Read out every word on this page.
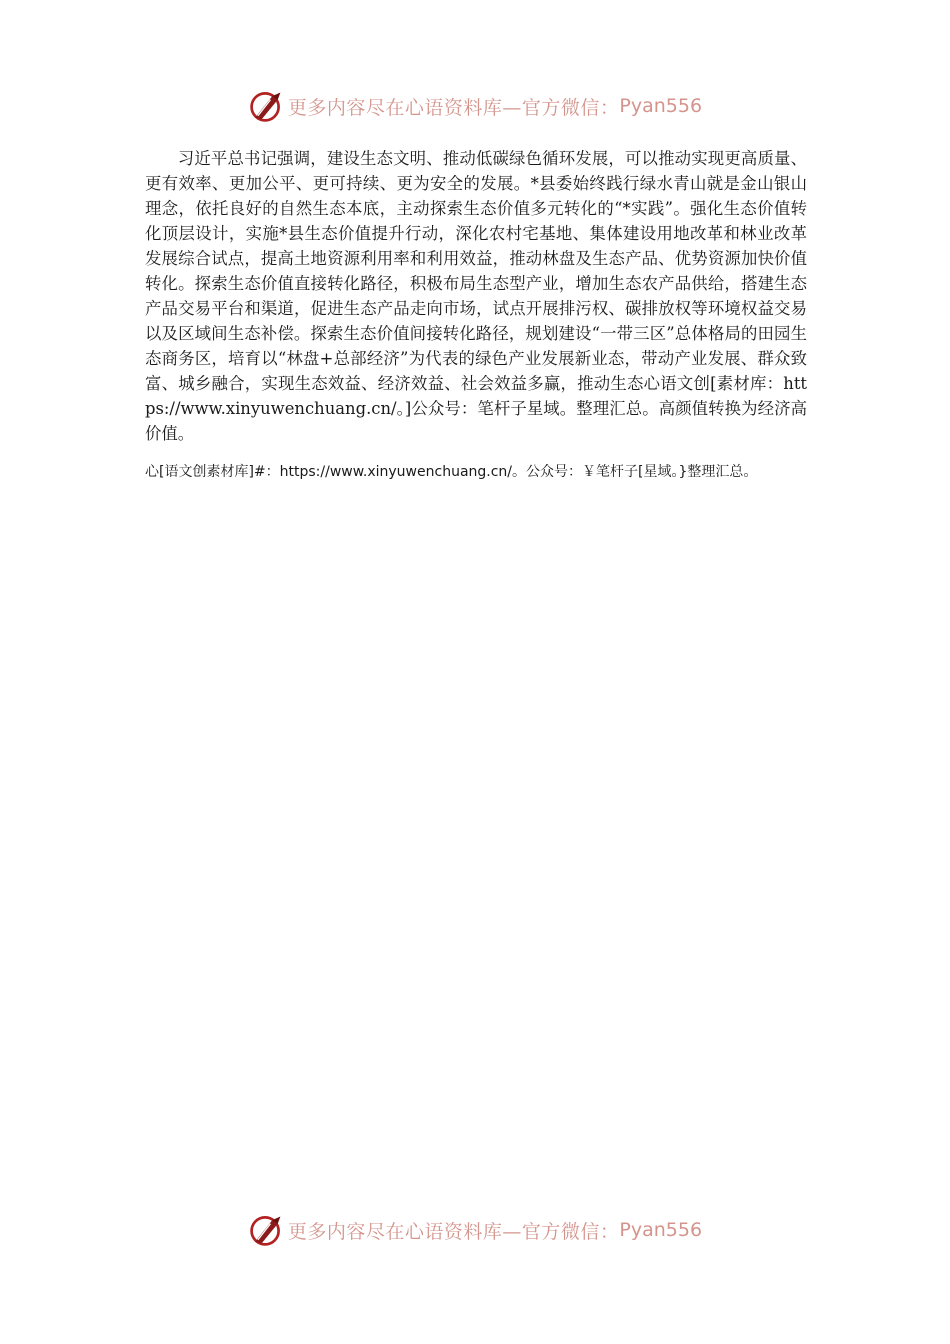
更多内容尽在心语资料库—官方微信： Pyan556

习近平总书记强调，建设生态文明、推动低碳绿色循环发展，可以推动实现更高质量、更有效率、更加公平、更可持续、更为安全的发展。*县委始终践行绿水青山就是金山银山理念，依托良好的自然生态本底，主动探索生态价值多元转化的“*实践”。强化生态价值转化顶层设计，实施*县生态价值提升行动，深化农村宅基地、集体建设用地改革和林业改革发展综合试点，提高土地资源利用率和利用效益，推动林盘及生态产品、优势资源加快价值转化。探索生态价值直接转化路径，积极布局生态型产业，增加生态农产品供给，搭建生态产品交易平台和渠道，促进生态产品走向市场，试点开展排污权、碳排放权等环境权益交易以及区域间生态补偿。探索生态价值间接转化路径，规划建设“一带三区”总体格局的田园生态商务区，培育以“林盘+总部经济”为代表的绿色产业发展新业态，带动产业发展、群众致富、城乡融合，实现生态效益、经济效益、社会效益多赢，推动生态心语文创[素材库：https://www.xinyuwenchuang.cn/。]公众号：笔杆子星域。整理汇总。高颜值转换为经济高价值。

心[语文创素材库]#：https://www.xinyuwenchuang.cn/。公众号：￥笔杆子[星域。}整理汇总。

更多内容尽在心语资料库—官方微信： Pyan556
